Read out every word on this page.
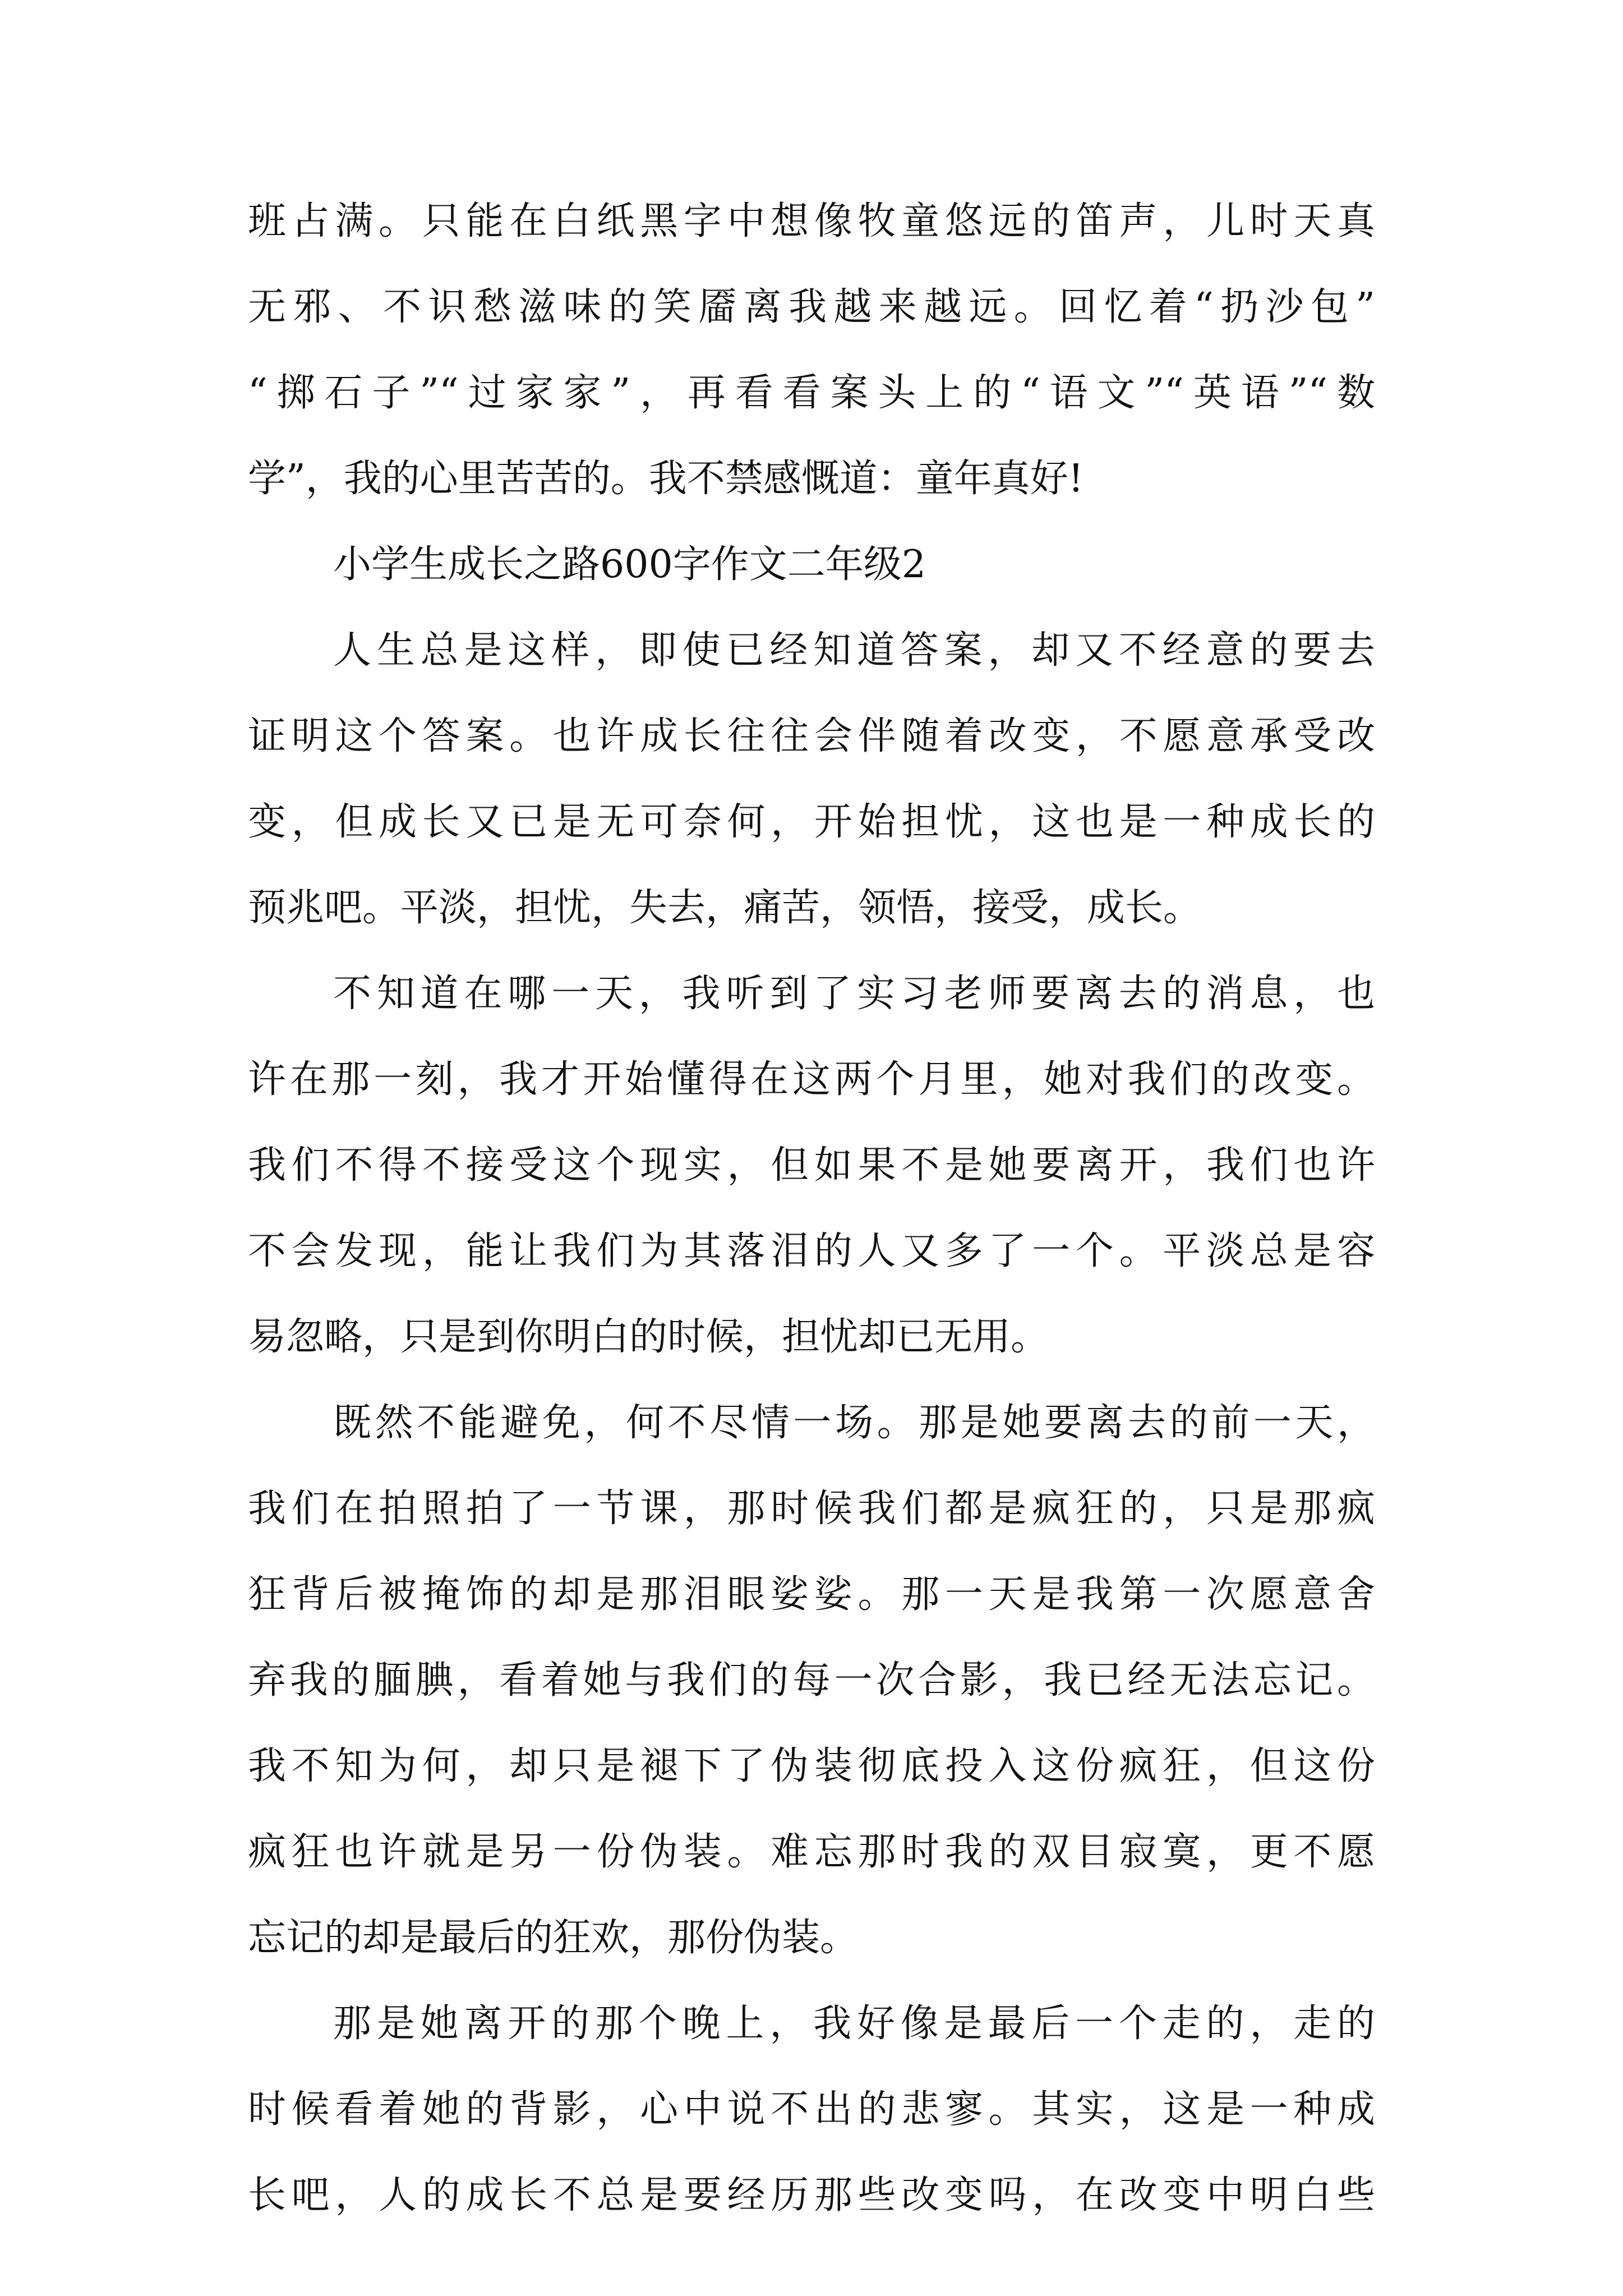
班占满。只能在白纸黑字中想像牧童悠远的笛声，儿时天真
无邪、不识愁滋味的笑靥离我越来越远。回忆着“扔沙包”
“掷石子”“过家家”，再看看案头上的“语文”“英语”“数
学”，我的心里苦苦的。我不禁感慨道：童年真好!
小学生成长之路600字作文二年级2
人生总是这样，即使已经知道答案，却又不经意的要去
证明这个答案。也许成长往往会伴随着改变，不愿意承受改
变，但成长又已是无可奈何，开始担忧，这也是一种成长的
预兆吧。平淡，担忧，失去，痛苦，领悟，接受，成长。
不知道在哪一天，我听到了实习老师要离去的消息，也
许在那一刻，我才开始懂得在这两个月里，她对我们的改变。
我们不得不接受这个现实，但如果不是她要离开，我们也许
不会发现，能让我们为其落泪的人又多了一个。平淡总是容
易忽略，只是到你明白的时候，担忧却已无用。
既然不能避免，何不尽情一场。那是她要离去的前一天，
我们在拍照拍了一节课，那时候我们都是疯狂的，只是那疯
狂背后被掩饰的却是那泪眼娑娑。那一天是我第一次愿意舍
弃我的腼腆，看着她与我们的每一次合影，我已经无法忘记。
我不知为何，却只是褪下了伪装彻底投入这份疯狂，但这份
疯狂也许就是另一份伪装。难忘那时我的双目寂寞，更不愿
忘记的却是最后的狂欢，那份伪装。
那是她离开的那个晚上，我好像是最后一个走的，走的
时候看着她的背影，心中说不出的悲寥。其实，这是一种成
长吧，人的成长不总是要经历那些改变吗，在改变中明白些
